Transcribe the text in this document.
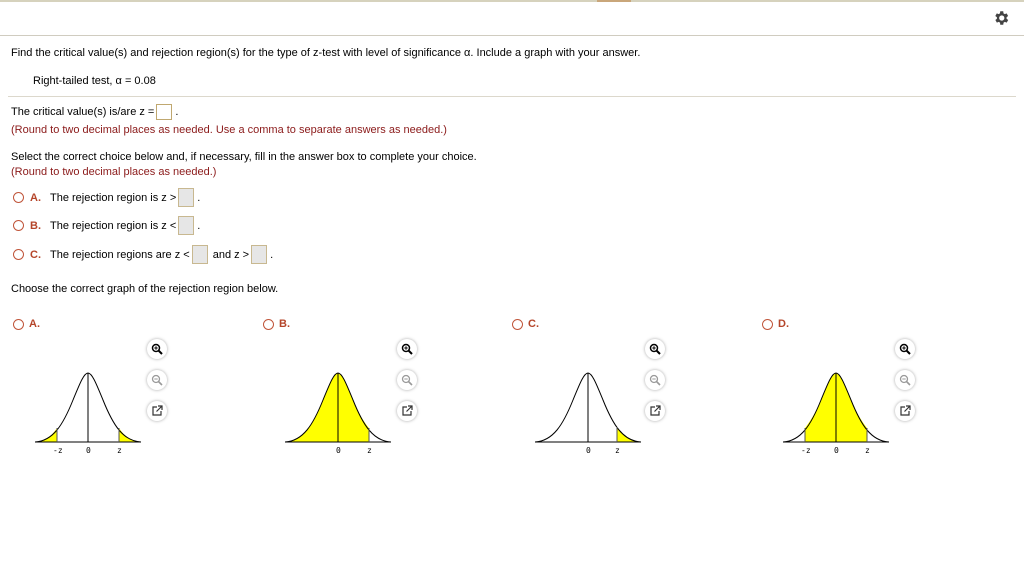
Find the critical value(s) and rejection region(s) for the type of z-test with level of significance α. Include a graph with your answer.
Right-tailed test, α = 0.08
The critical value(s) is/are z = .
(Round to two decimal places as needed. Use a comma to separate answers as needed.)
Select the correct choice below and, if necessary, fill in the answer box to complete your choice.
(Round to two decimal places as needed.)
A. The rejection region is z > .
B. The rejection region is z < .
C. The rejection regions are z < and z > .
Choose the correct graph of the rejection region below.
A.
-z	0	z
B.
0	z
C.
0	z
D.
-z	0	z
